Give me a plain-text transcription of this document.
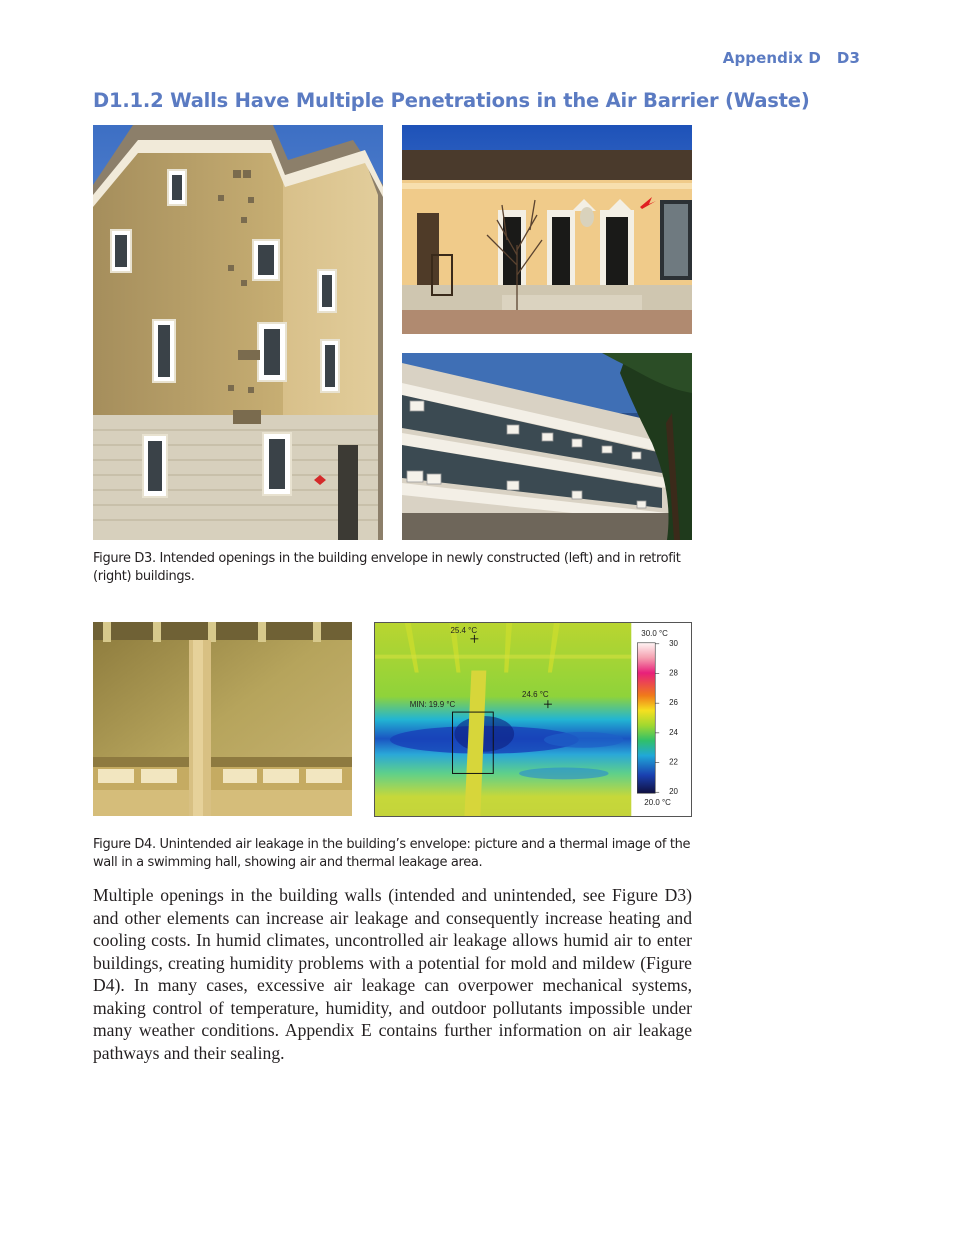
Appendix D D3
D1.1.2 Walls Have Multiple Penetrations in the Air Barrier (Waste)
Figure D3. Intended openings in the building envelope in newly constructed (left) and in retrofit (right) buildings.
25.4 °C
24.6 °C
MIN: 19.9 °C
30.0 °C
20.0 °C
30
28
26
24
22
20
Figure D4. Unintended air leakage in the building’s envelope: picture and a thermal image of the wall in a swimming hall, showing air and thermal leakage area.

Multiple openings in the building walls (intended and unintended, see Figure D3) and other elements can increase air leakage and consequently increase heating and cooling costs. In humid climates, uncontrolled air leakage allows humid air to enter buildings, creating humidity problems with a potential for mold and mildew (Figure D4). In many cases, excessive air leakage can overpower mechanical systems, making control of temperature, humidity, and outdoor pollutants impossible under many weather conditions. Appendix E contains further information on air leakage pathways and their sealing.
